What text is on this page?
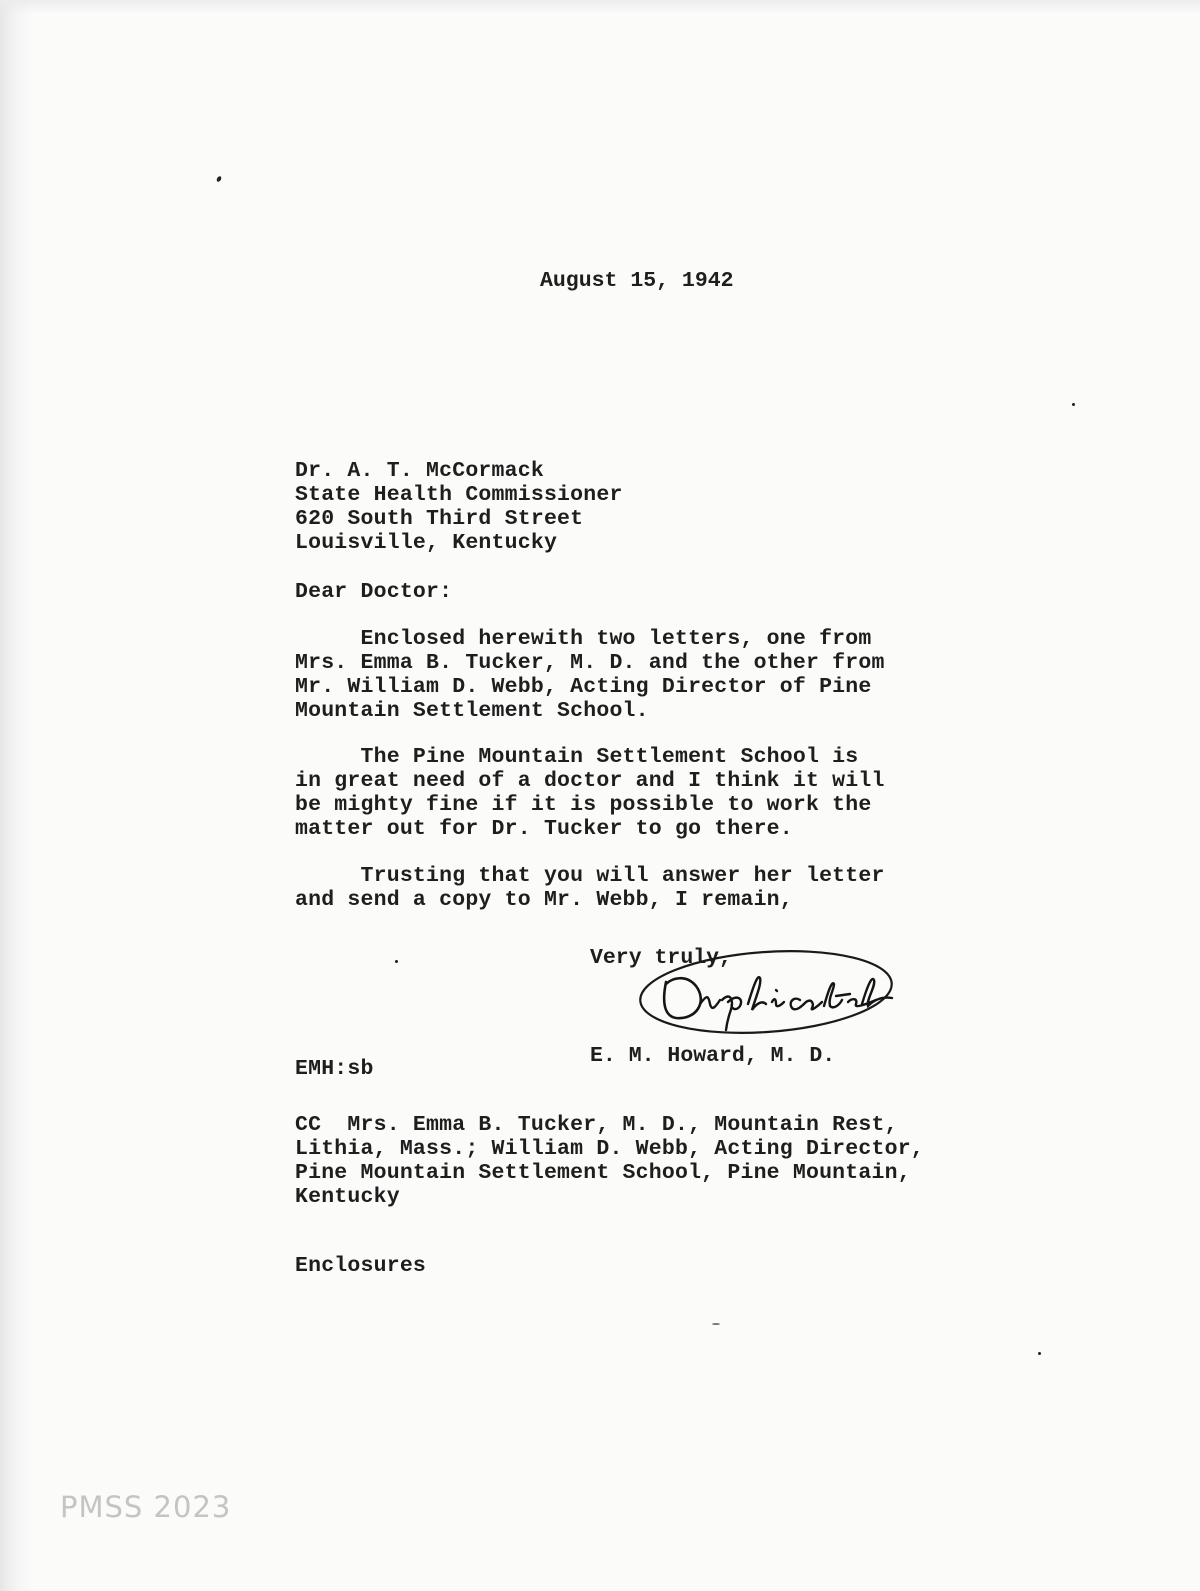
August 15, 1942
Dr. A. T. McCormack
State Health Commissioner
620 South Third Street
Louisville, Kentucky
Dear Doctor:
Enclosed herewith two letters, one from
Mrs. Emma B. Tucker, M. D. and the other from
Mr. William D. Webb, Acting Director of Pine
Mountain Settlement School.
The Pine Mountain Settlement School is
in great need of a doctor and I think it will
be mighty fine if it is possible to work the
matter out for Dr. Tucker to go there.
Trusting that you will answer her letter
and send a copy to Mr. Webb, I remain,
Very truly,
E. M. Howard, M. D.
EMH:sb
CC  Mrs. Emma B. Tucker, M. D., Mountain Rest,
Lithia, Mass.; William D. Webb, Acting Director,
Pine Mountain Settlement School, Pine Mountain,
Kentucky
Enclosures
PMSS 2023
